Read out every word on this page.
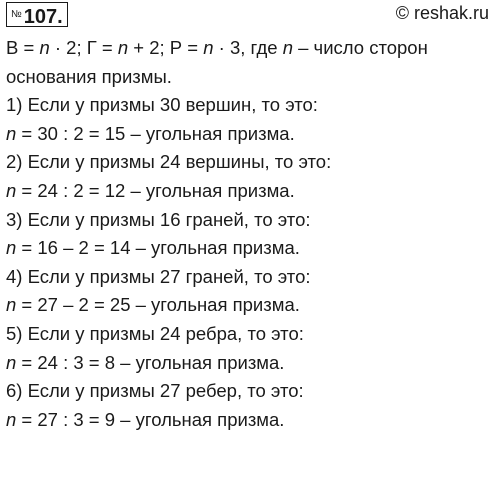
№ 107.	© reshak.ru
В = n · 2; Г = n + 2; Р = n · 3, где n – число сторон
основания призмы.
1) Если у призмы 30 вершин, то это:
n = 30 : 2 = 15 – угольная призма.
2) Если у призмы 24 вершины, то это:
n = 24 : 2 = 12 – угольная призма.
3) Если у призмы 16 граней, то это:
n = 16 – 2 = 14 – угольная призма.
4) Если у призмы 27 граней, то это:
n = 27 – 2 = 25 – угольная призма.
5) Если у призмы 24 ребра, то это:
n = 24 : 3 = 8 – угольная призма.
6) Если у призмы 27 ребер, то это:
n = 27 : 3 = 9 – угольная призма.
